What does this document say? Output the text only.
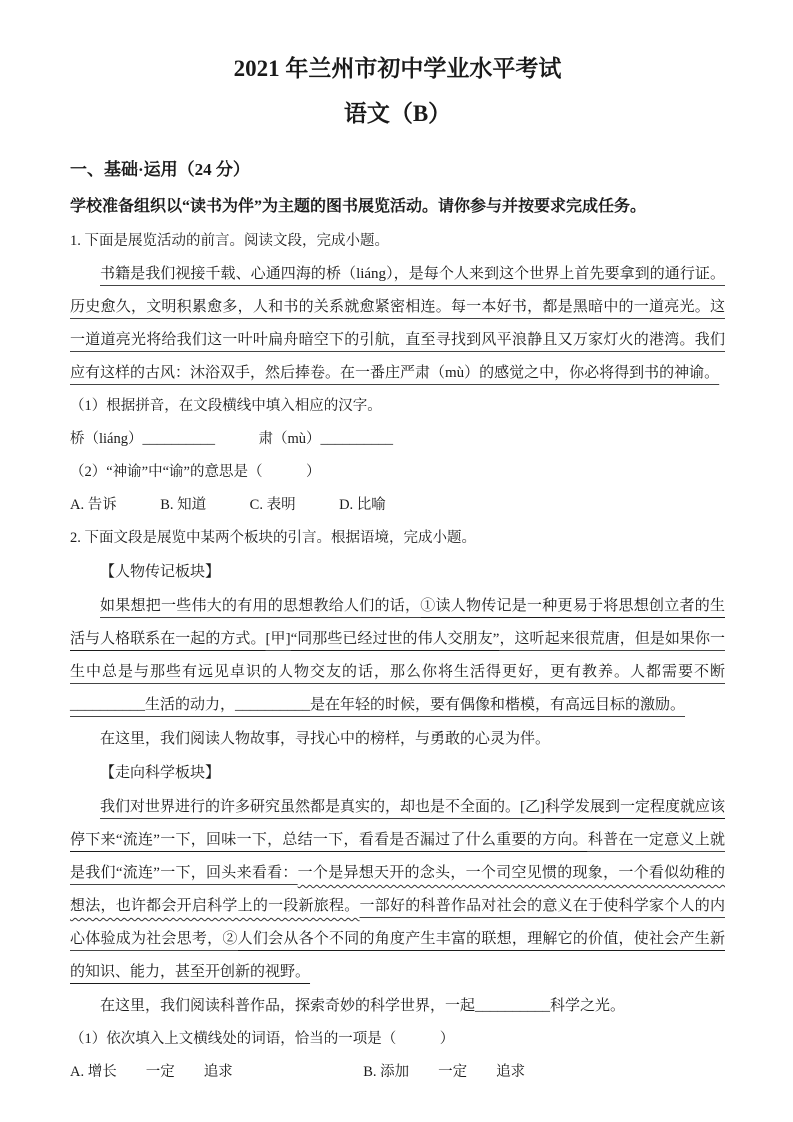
2021 年兰州市初中学业水平考试
语文（B）
一、基础·运用（24 分）
学校准备组织以“读书为伴”为主题的图书展览活动。请你参与并按要求完成任务。
1. 下面是展览活动的前言。阅读文段，完成小题。
书籍是我们视接千载、心通四海的桥（liáng），是每个人来到这个世界上首先要拿到的通行证。历史愈久，文明积累愈多，人和书的关系就愈紧密相连。每一本好书，都是黑暗中的一道亮光。这一道道亮光将给我们这一叶叶扁舟暗空下的引航，直至寻找到风平浪静且又万家灯火的港湾。我们应有这样的古风：沐浴双手，然后捧卷。在一番庄严肃（mù）的感觉之中，你必将得到书的神谕。
（1）根据拼音，在文段横线中填入相应的汉字。
桥（liáng）__________　　　肃（mù）__________
（2）“神谕”中“谕”的意思是（　　　）
A. 告诉　　　B. 知道　　　C. 表明　　　D. 比喻
2. 下面文段是展览中某两个板块的引言。根据语境，完成小题。
【人物传记板块】
如果想把一些伟大的有用的思想教给人们的话，①读人物传记是一种更易于将思想创立者的生活与人格联系在一起的方式。[甲]“同那些已经过世的伟人交朋友”，这听起来很荒唐，但是如果你一生中总是与那些有远见卓识的人物交友的话，那么你将生活得更好，更有教养。人都需要不断__________生活的动力，__________是在年轻的时候，要有偶像和楷模，有高远目标的激励。
在这里，我们阅读人物故事，寻找心中的榜样，与勇敢的心灵为伴。
【走向科学板块】
我们对世界进行的许多研究虽然都是真实的，却也是不全面的。[乙]科学发展到一定程度就应该停下来“流连”一下，回味一下，总结一下，看看是否漏过了什么重要的方向。科普在一定意义上就是我们“流连”一下，回头来看看：一个是异想天开的念头，一个司空见惯的现象，一个看似幼稚的想法，也许都会开启科学上的一段新旅程。一部好的科普作品对社会的意义在于使科学家个人的内心体验成为社会思考，②人们会从各个不同的角度产生丰富的联想，理解它的价值，使社会产生新的知识、能力，甚至开创新的视野。
在这里，我们阅读科普作品，探索奇妙的科学世界，一起__________科学之光。
（1）依次填入上文横线处的词语，恰当的一项是（　　　）
A. 增长　　一定　　追求　　　　　　　　　B. 添加　　一定　　追求
